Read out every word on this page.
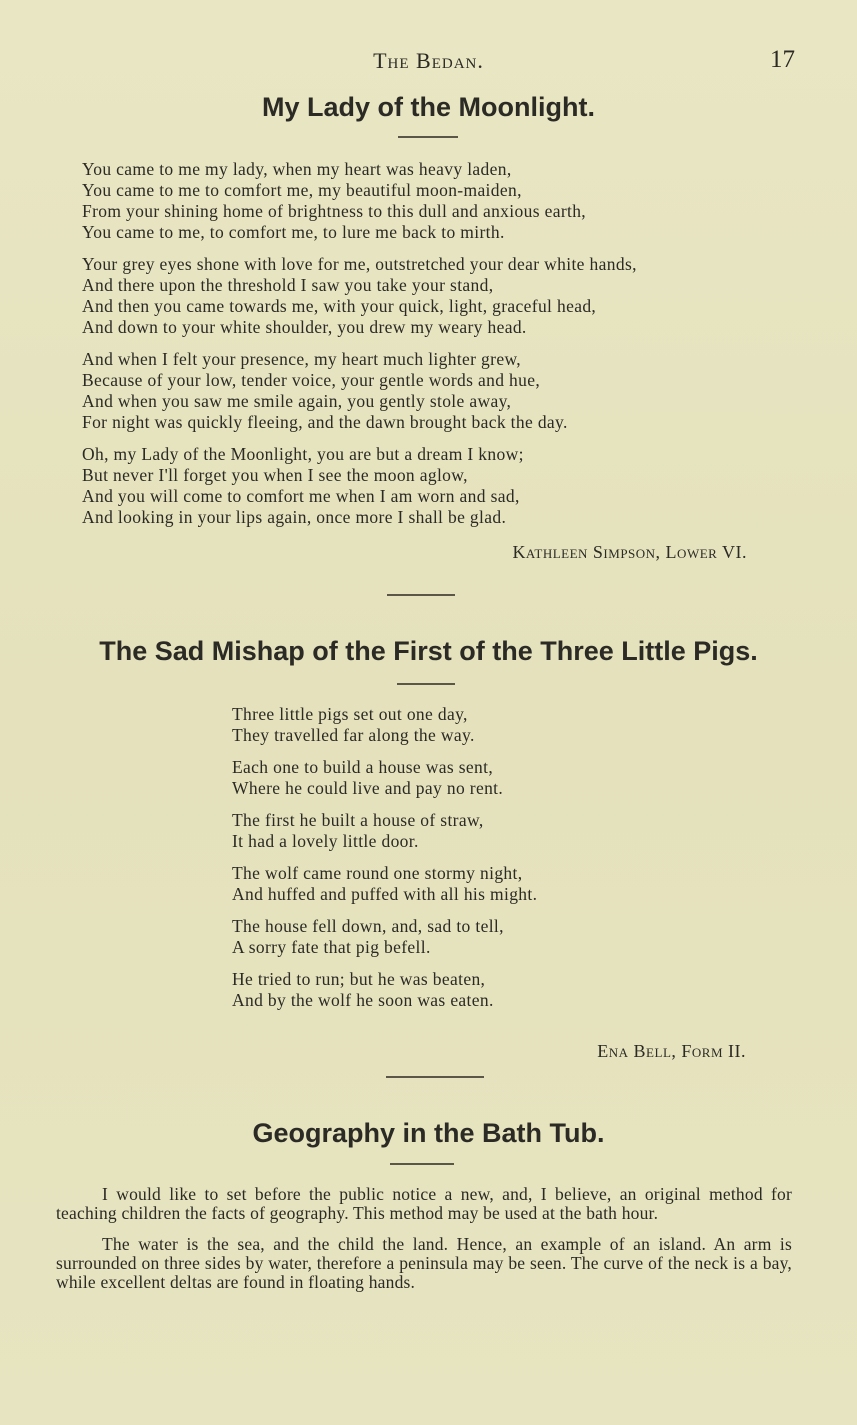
The Bedan.	17
My Lady of the Moonlight.

You came to me my lady, when my heart was heavy laden,

You came to me to comfort me, my beautiful moon-maiden,

From your shining home of brightness to this dull and anxious earth,

You came to me, to comfort me, to lure me back to mirth.

Your grey eyes shone with love for me, outstretched your dear white hands,

And there upon the threshold I saw you take your stand,

And then you came towards me, with your quick, light, graceful head,

And down to your white shoulder, you drew my weary head.

And when I felt your presence, my heart much lighter grew,

Because of your low, tender voice, your gentle words and hue,

And when you saw me smile again, you gently stole away,

For night was quickly fleeing, and the dawn brought back the day.

Oh, my Lady of the Moonlight, you are but a dream I know;

But never I'll forget you when I see the moon aglow,

And you will come to comfort me when I am worn and sad,

And looking in your lips again, once more I shall be glad.

Kathleen Simpson, Lower VI.
The Sad Mishap of the First of the Three Little Pigs.

Three little pigs set out one day,

They travelled far along the way.

Each one to build a house was sent,

Where he could live and pay no rent.

The first he built a house of straw,

It had a lovely little door.

The wolf came round one stormy night,

And huffed and puffed with all his might.

The house fell down, and, sad to tell,

A sorry fate that pig befell.

He tried to run; but he was beaten,

And by the wolf he soon was eaten.

Ena Bell, Form II.
Geography in the Bath Tub.

I would like to set before the public notice a new, and, I believe, an original method for teaching children the facts of geography. This method may be used at the bath hour.

The water is the sea, and the child the land. Hence, an example of an island. An arm is surrounded on three sides by water, therefore a peninsula may be seen. The curve of the neck is a bay, while excellent deltas are found in floating hands.
